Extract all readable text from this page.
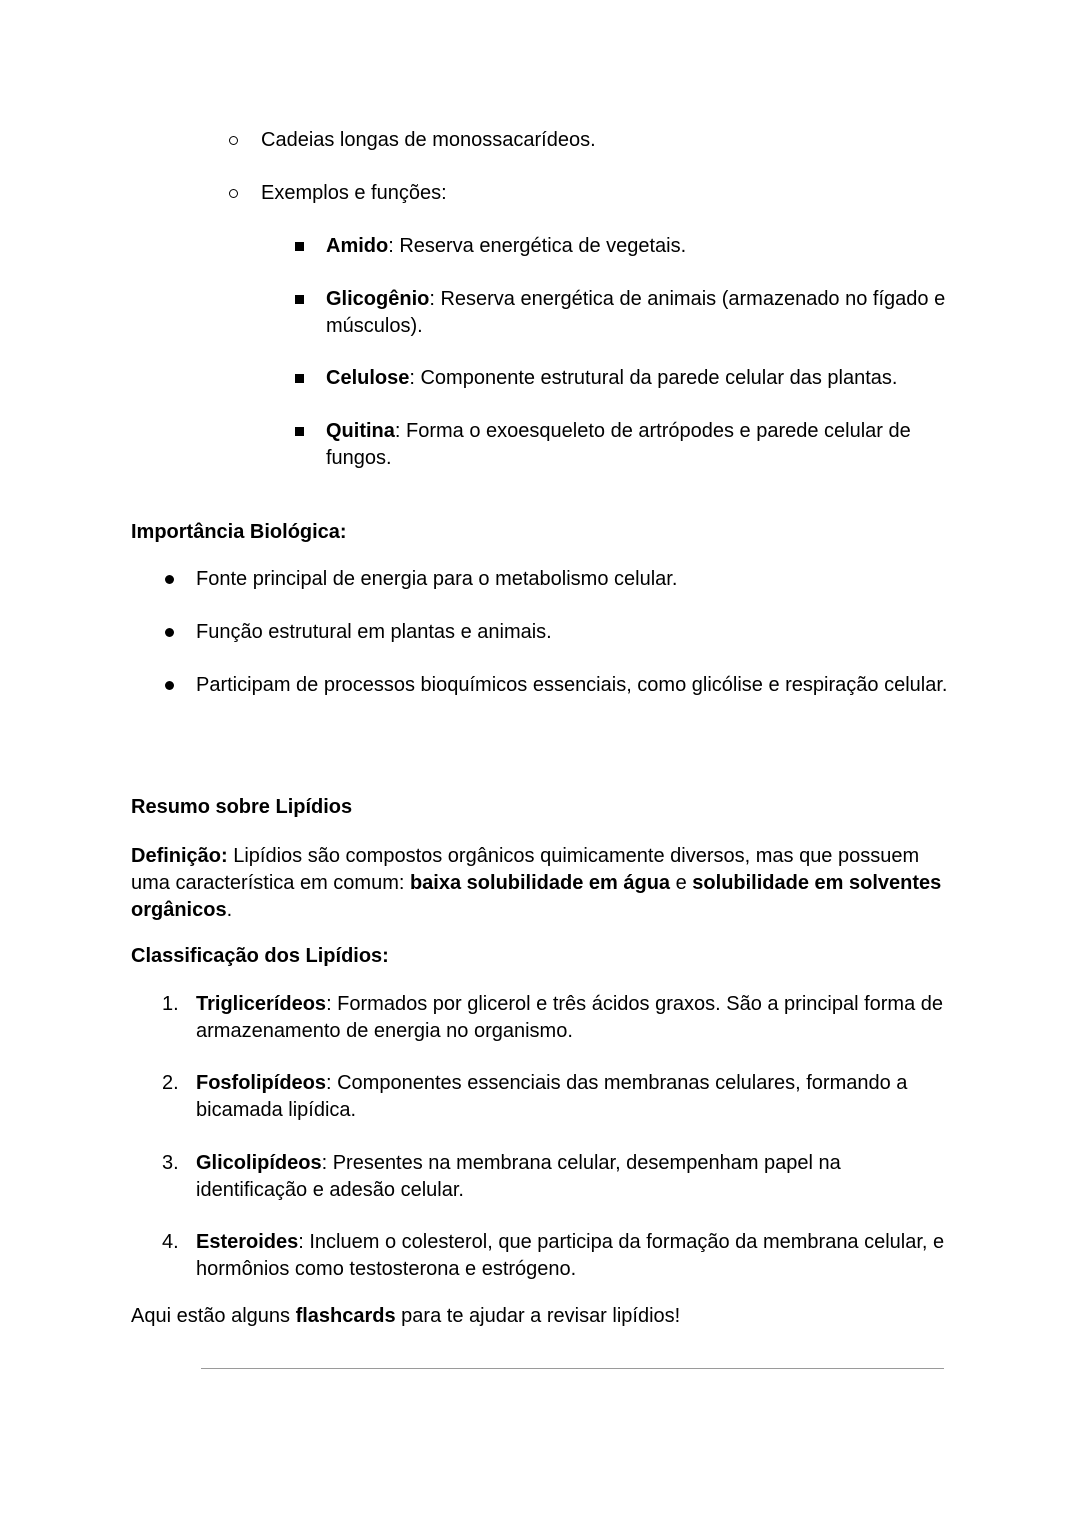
Cadeias longas de monossacarídeos.
Exemplos e funções:
Amido: Reserva energética de vegetais.
Glicogênio: Reserva energética de animais (armazenado no fígado e músculos).
Celulose: Componente estrutural da parede celular das plantas.
Quitina: Forma o exoesqueleto de artrópodes e parede celular de fungos.
Importância Biológica:
Fonte principal de energia para o metabolismo celular.
Função estrutural em plantas e animais.
Participam de processos bioquímicos essenciais, como glicólise e respiração celular.
Resumo sobre Lipídios
Definição: Lipídios são compostos orgânicos quimicamente diversos, mas que possuem uma característica em comum: baixa solubilidade em água e solubilidade em solventes orgânicos.
Classificação dos Lipídios:
1. Triglicerídeos: Formados por glicerol e três ácidos graxos. São a principal forma de armazenamento de energia no organismo.
2. Fosfolipídeos: Componentes essenciais das membranas celulares, formando a bicamada lipídica.
3. Glicolipídeos: Presentes na membrana celular, desempenham papel na identificação e adesão celular.
4. Esteroides: Incluem o colesterol, que participa da formação da membrana celular, e hormônios como testosterona e estrógeno.
Aqui estão alguns flashcards para te ajudar a revisar lipídios!
